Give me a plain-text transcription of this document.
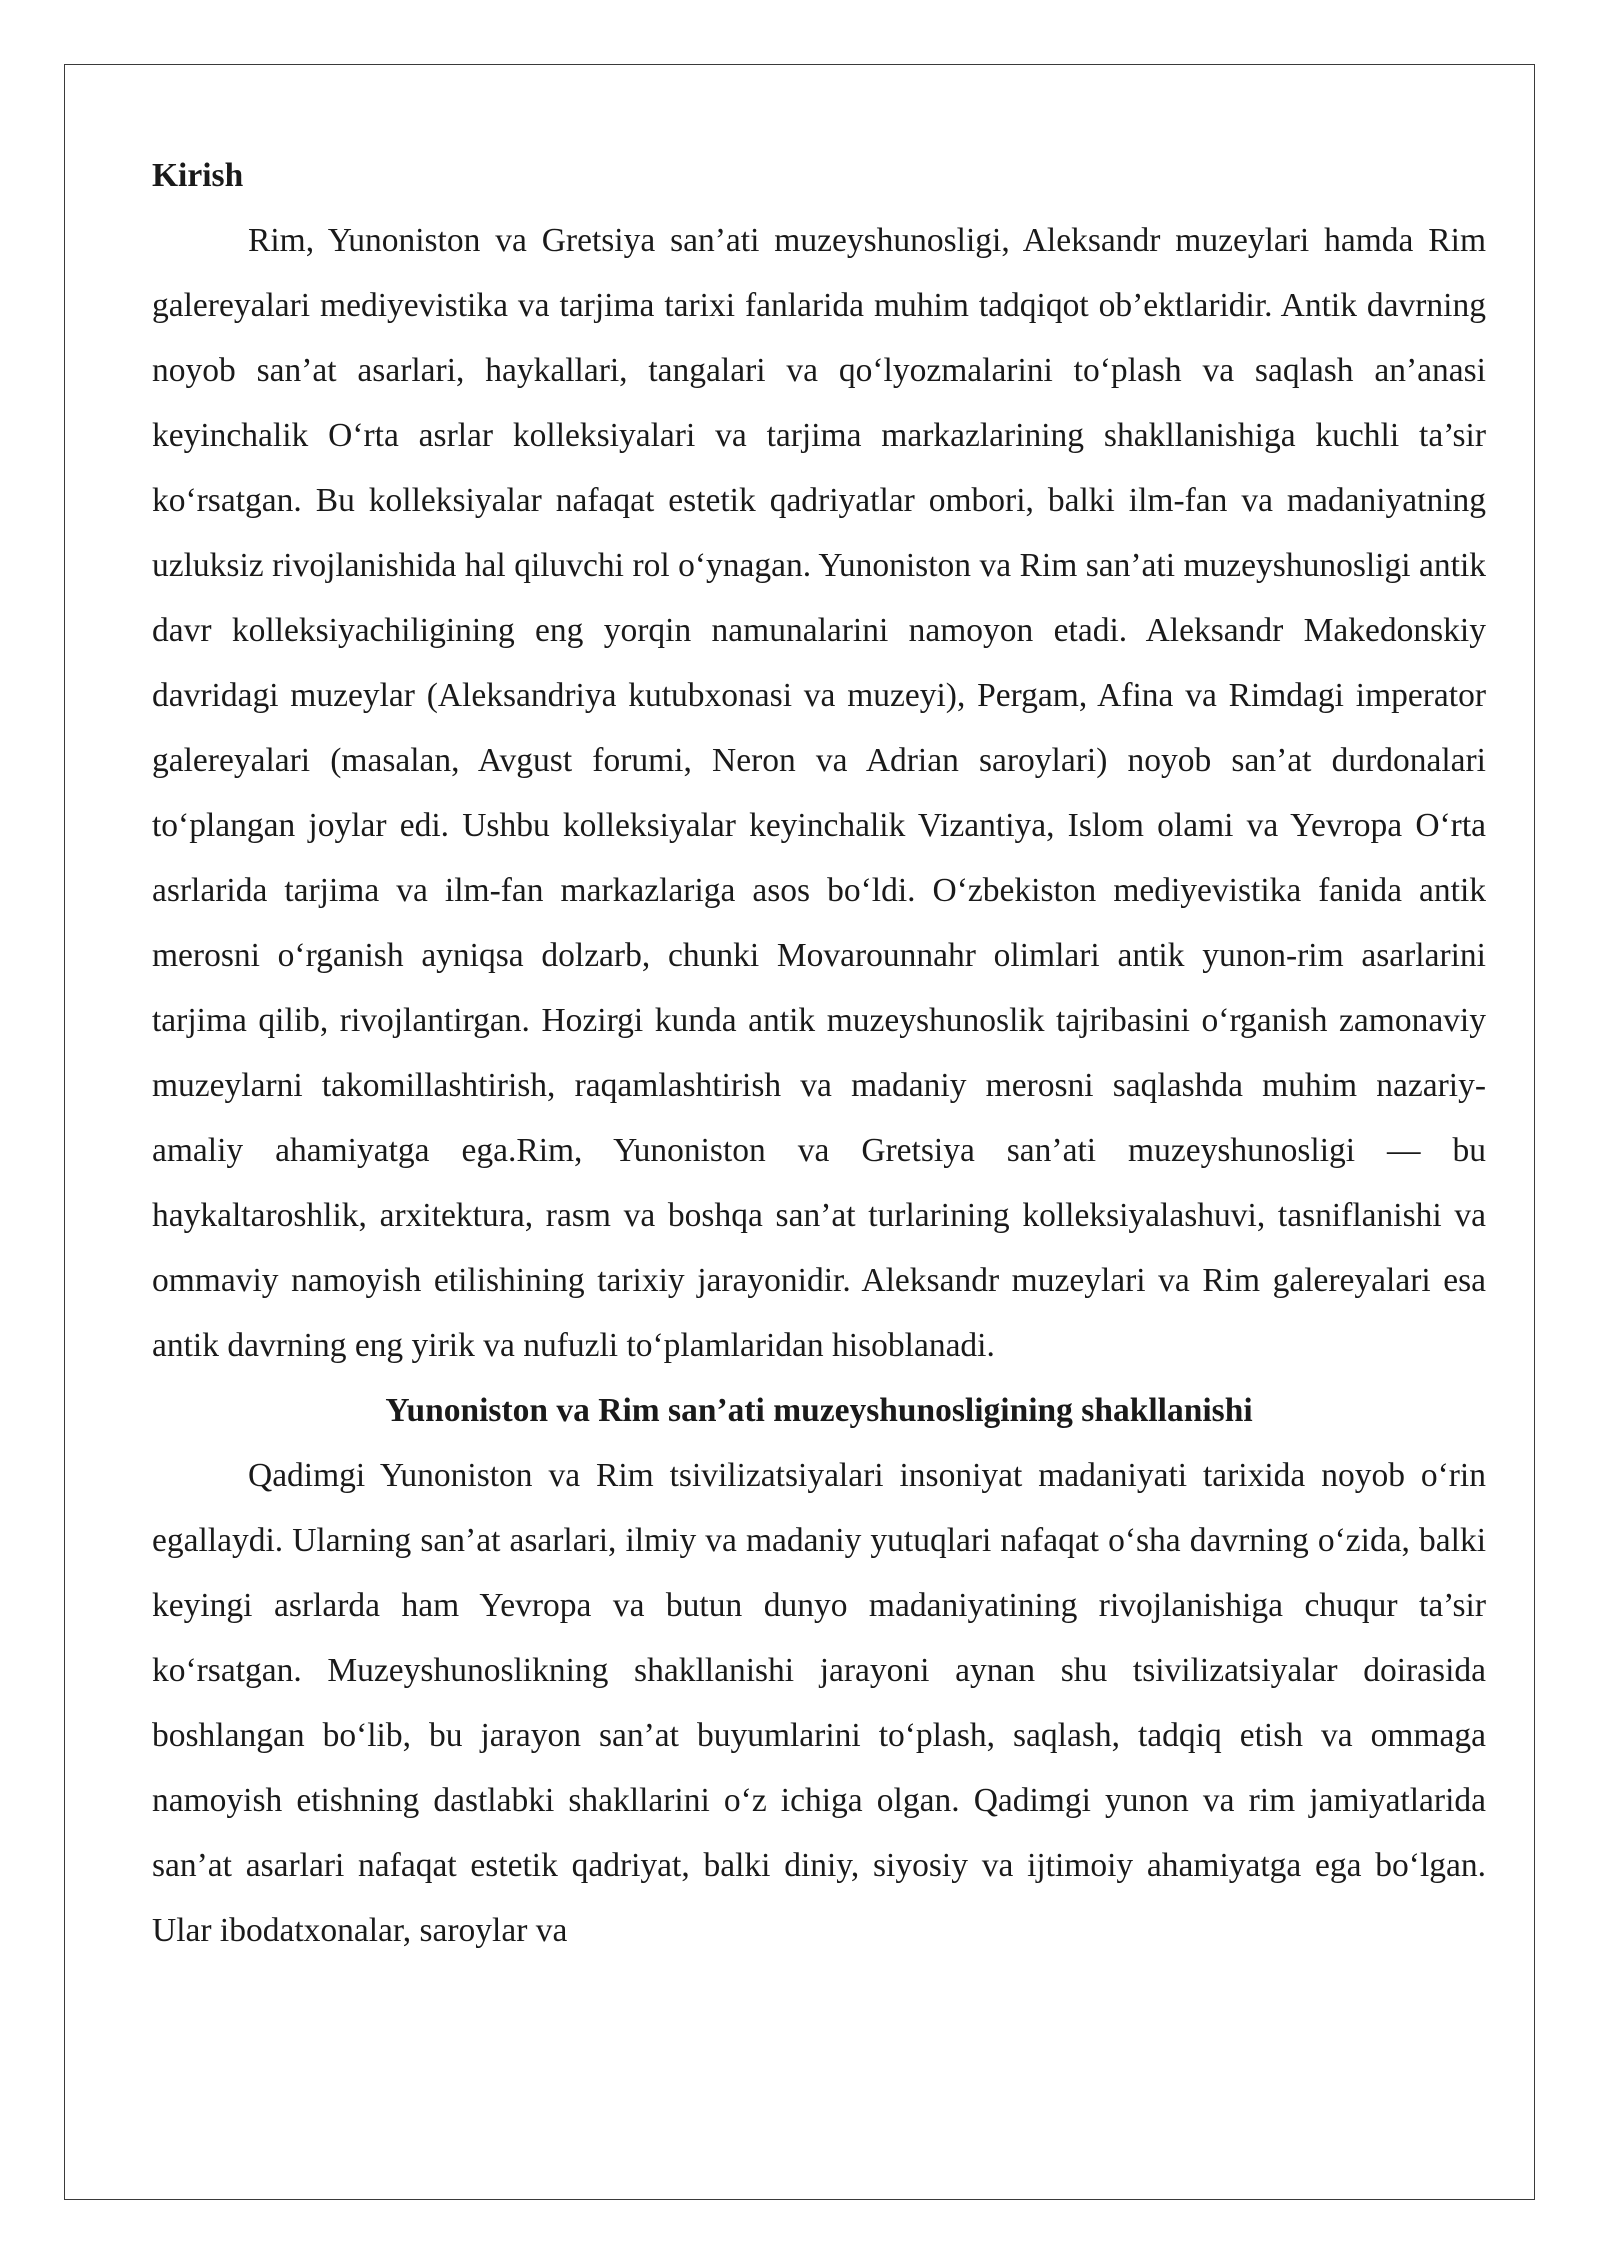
Kirish

Rim, Yunoniston va Gretsiya san’ati muzeyshunosligi, Aleksandr muzeylari hamda Rim galereyalari mediyevistika va tarjima tarixi fanlarida muhim tadqiqot ob’ektlaridir. Antik davrning noyob san’at asarlari, haykallari, tangalari va qo‘lyozmalarini to‘plash va saqlash an’anasi keyinchalik O‘rta asrlar kolleksiyalari va tarjima markazlarining shakllanishiga kuchli ta’sir ko‘rsatgan. Bu kolleksiyalar nafaqat estetik qadriyatlar ombori, balki ilm-fan va madaniyatning uzluksiz rivojlanishida hal qiluvchi rol o‘ynagan. Yunoniston va Rim san’ati muzeyshunosligi antik davr kolleksiyachiligining eng yorqin namunalarini namoyon etadi. Aleksandr Makedonskiy davridagi muzeylar (Aleksandriya kutubxonasi va muzeyi), Pergam, Afina va Rimdagi imperator galereyalari (masalan, Avgust forumi, Neron va Adrian saroylari) noyob san’at durdonalari to‘plangan joylar edi. Ushbu kolleksiyalar keyinchalik Vizantiya, Islom olami va Yevropa O‘rta asrlarida tarjima va ilm-fan markazlariga asos bo‘ldi. O‘zbekiston mediyevistika fanida antik merosni o‘rganish ayniqsa dolzarb, chunki Movarounnahr olimlari antik yunon-rim asarlarini tarjima qilib, rivojlantirgan. Hozirgi kunda antik muzeyshunoslik tajribasini o‘rganish zamonaviy muzeylarni takomillashtirish, raqamlashtirish va madaniy merosni saqlashda muhim nazariy-amaliy ahamiyatga ega.Rim, Yunoniston va Gretsiya san’ati muzeyshunosligi — bu haykaltaroshlik, arxitektura, rasm va boshqa san’at turlarining kolleksiyalashuvi, tasniflanishi va ommaviy namoyish etilishining tarixiy jarayonidir. Aleksandr muzeylari va Rim galereyalari esa antik davrning eng yirik va nufuzli to‘plamlaridan hisoblanadi.

Yunoniston va Rim san’ati muzeyshunosligining shakllanishi

Qadimgi Yunoniston va Rim tsivilizatsiyalari insoniyat madaniyati tarixida noyob o‘rin egallaydi. Ularning san’at asarlari, ilmiy va madaniy yutuqlari nafaqat o‘sha davrning o‘zida, balki keyingi asrlarda ham Yevropa va butun dunyo madaniyatining rivojlanishiga chuqur ta’sir ko‘rsatgan. Muzeyshunoslikning shakllanishi jarayoni aynan shu tsivilizatsiyalar doirasida boshlangan bo‘lib, bu jarayon san’at buyumlarini to‘plash, saqlash, tadqiq etish va ommaga namoyish etishning dastlabki shakllarini o‘z ichiga olgan. Qadimgi yunon va rim jamiyatlarida san’at asarlari nafaqat estetik qadriyat, balki diniy, siyosiy va ijtimoiy ahamiyatga ega bo‘lgan. Ular ibodatxonalar, saroylar va
